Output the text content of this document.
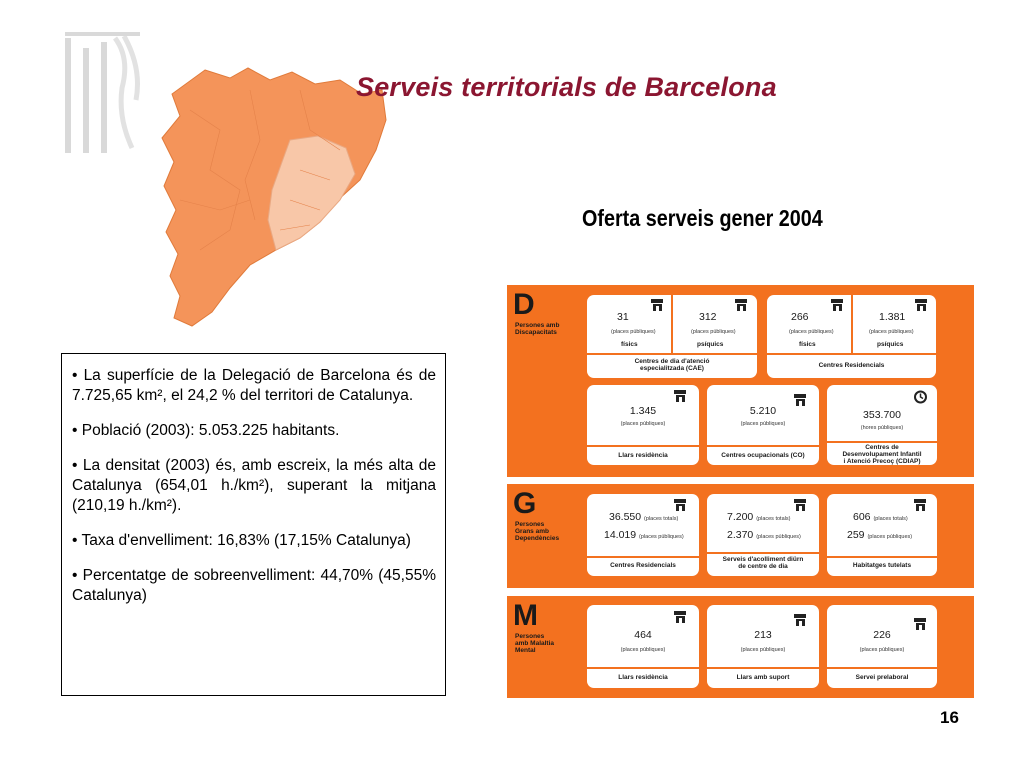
Serveis territorials de Barcelona
Oferta serveis gener 2004

• La superfície de la Delegació de Barcelona és de 7.725,65 km², el 24,2 % del territori de Catalunya.

• Població (2003): 5.053.225 habitants.

• La densitat (2003) és, amb escreix, la més alta de Catalunya (654,01 h./km²), superant la mitjana (210,19 h./km²).

• Taxa d'envelliment: 16,83% (17,15% Catalunya)

• Percentatge de sobreenvelliment: 44,70% (45,55% Catalunya)

D
Persones amb
Discapacitats
31
(places públiques)
físics
312
(places públiques)
psíquics
Centres de dia d'atenció
especialitzada (CAE)
266
(places públiques)
físics
1.381
(places públiques)
psíquics
Centres Residencials
1.345
(places públiques)
Llars residència
5.210
(places públiques)
Centres ocupacionals (CO)
353.700
(hores públiques)
Centres de
Desenvolupament Infantil
i Atenció Precoç (CDIAP)
G
Persones
Grans amb
Dependències
36.550 (places totals)
14.019 (places públiques)
Centres Residencials
7.200 (places totals)
2.370 (places públiques)
Serveis d'acolliment diürn
de centre de dia
606 (places totals)
259 (places públiques)
Habitatges tutelats
M
Persones
amb Malaltia
Mental
464
(places públiques)
Llars residència
213
(places públiques)
Llars amb suport
226
(places públiques)
Servei prelaboral
16
